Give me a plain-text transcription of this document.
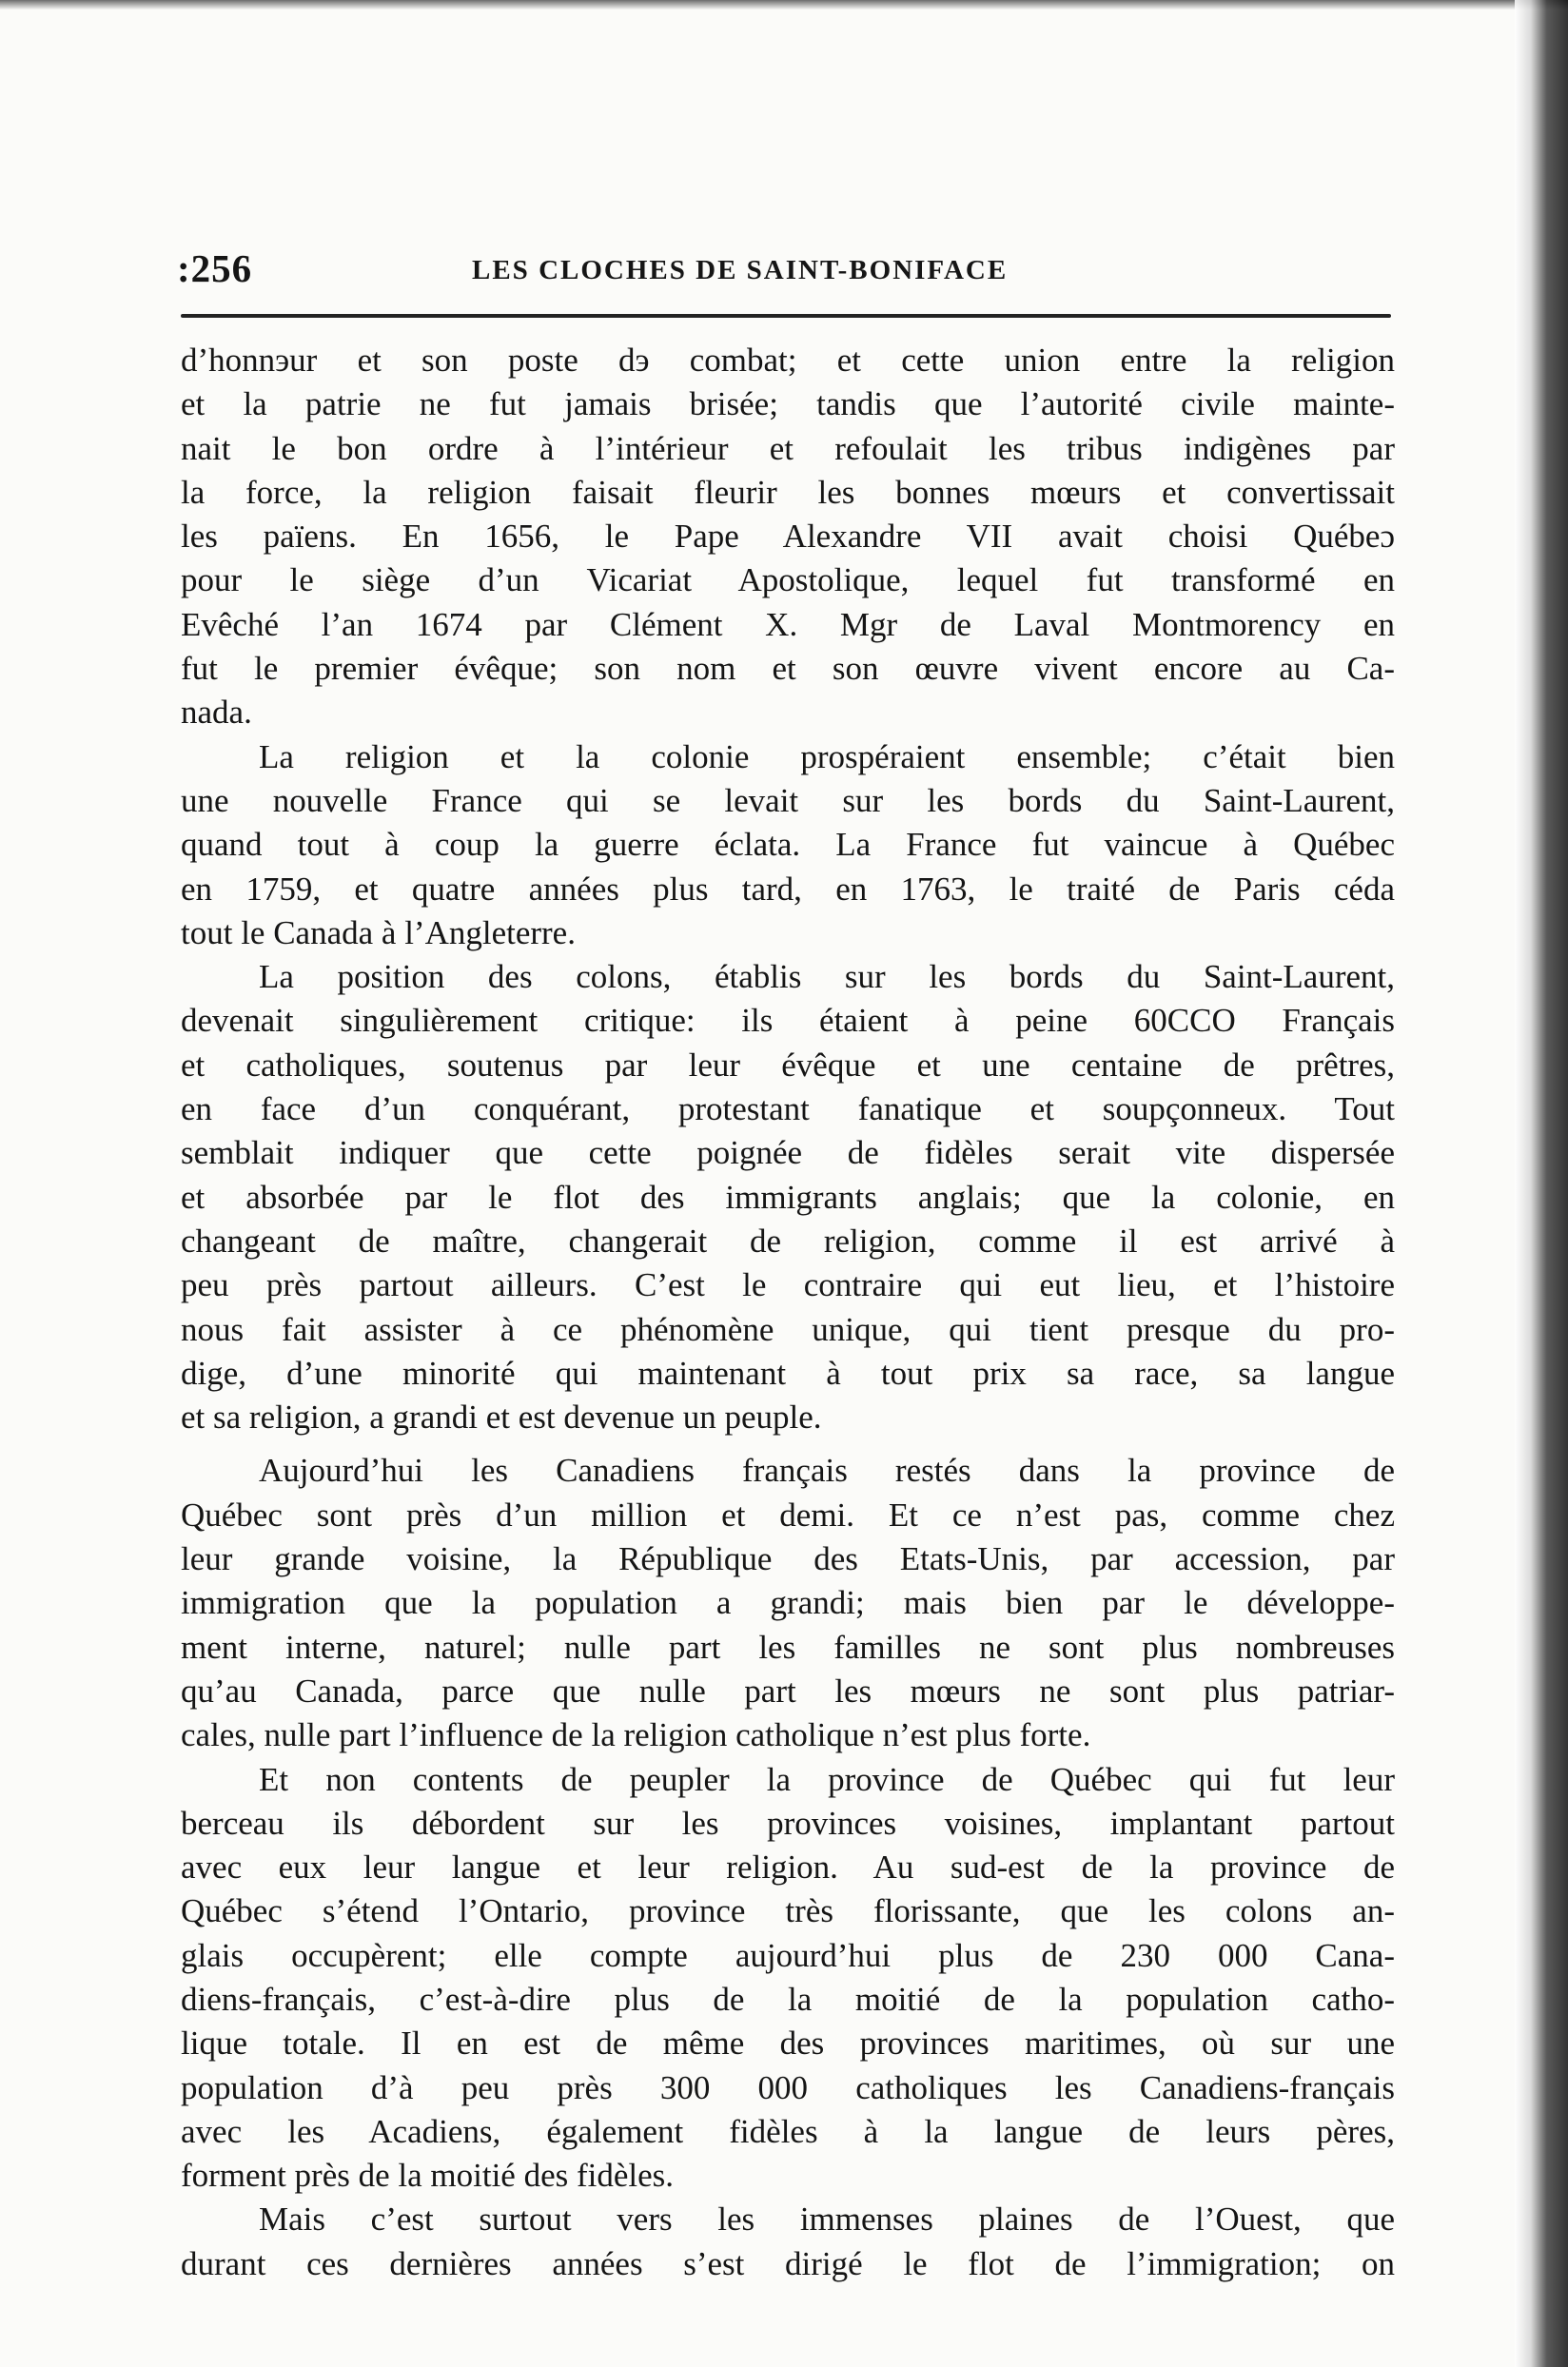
:256	LES CLOCHES DE SAINT-BONIFACE
d’honnэur et son poste dэ combat; et cette union entre la religion
et la patrie ne fut jamais brisée; tandis que l’autorité civile mainte-
nait le bon ordre à l’intérieur et refoulait les tribus indigènes par
la force, la religion faisait fleurir les bonnes mœurs et convertissait
les païens. En 1656, le Pape Alexandre VII avait choisi Québeɔ
pour le siège d’un Vicariat Apostolique, lequel fut transformé en
Evêché l’an 1674 par Clément X. Mgr de Laval Montmorency en
fut le premier évêque; son nom et son œuvre vivent encore au Ca-
nada.
La religion et la colonie prospéraient ensemble; c’était bien
une nouvelle France qui se levait sur les bords du Saint-Laurent,
quand tout à coup la guerre éclata. La France fut vaincue à Québec
en 1759, et quatre années plus tard, en 1763, le traité de Paris céda
tout le Canada à l’Angleterre.
La position des colons, établis sur les bords du Saint-Laurent,
devenait singulièrement critique: ils étaient à peine 60CCO Français
et catholiques, soutenus par leur évêque et une centaine de prêtres,
en face d’un conquérant, protestant fanatique et soupçonneux. Tout
semblait indiquer que cette poignée de fidèles serait vite dispersée
et absorbée par le flot des immigrants anglais; que la colonie, en
changeant de maître, changerait de religion, comme il est arrivé à
peu près partout ailleurs. C’est le contraire qui eut lieu, et l’histoire
nous fait assister à ce phénomène unique, qui tient presque du pro-
dige, d’une minorité qui maintenant à tout prix sa race, sa langue
et sa religion, a grandi et est devenue un peuple.
Aujourd’hui les Canadiens français restés dans la province de
Québec sont près d’un million et demi. Et ce n’est pas, comme chez
leur grande voisine, la République des Etats-Unis, par accession, par
immigration que la population a grandi; mais bien par le développe-
ment interne, naturel; nulle part les familles ne sont plus nombreuses
qu’au Canada, parce que nulle part les mœurs ne sont plus patriar-
cales, nulle part l’influence de la religion catholique n’est plus forte.
Et non contents de peupler la province de Québec qui fut leur
berceau ils débordent sur les provinces voisines, implantant partout
avec eux leur langue et leur religion. Au sud-est de la province de
Québec s’étend l’Ontario, province très florissante, que les colons an-
glais occupèrent; elle compte aujourd’hui plus de 230 000 Cana-
diens-français, c’est-à-dire plus de la moitié de la population catho-
lique totale. Il en est de même des provinces maritimes, où sur une
population d’à peu près 300 000 catholiques les Canadiens-français
avec les Acadiens, également fidèles à la langue de leurs pères,
forment près de la moitié des fidèles.
Mais c’est surtout vers les immenses plaines de l’Ouest, que
durant ces dernières années s’est dirigé le flot de l’immigration; on
